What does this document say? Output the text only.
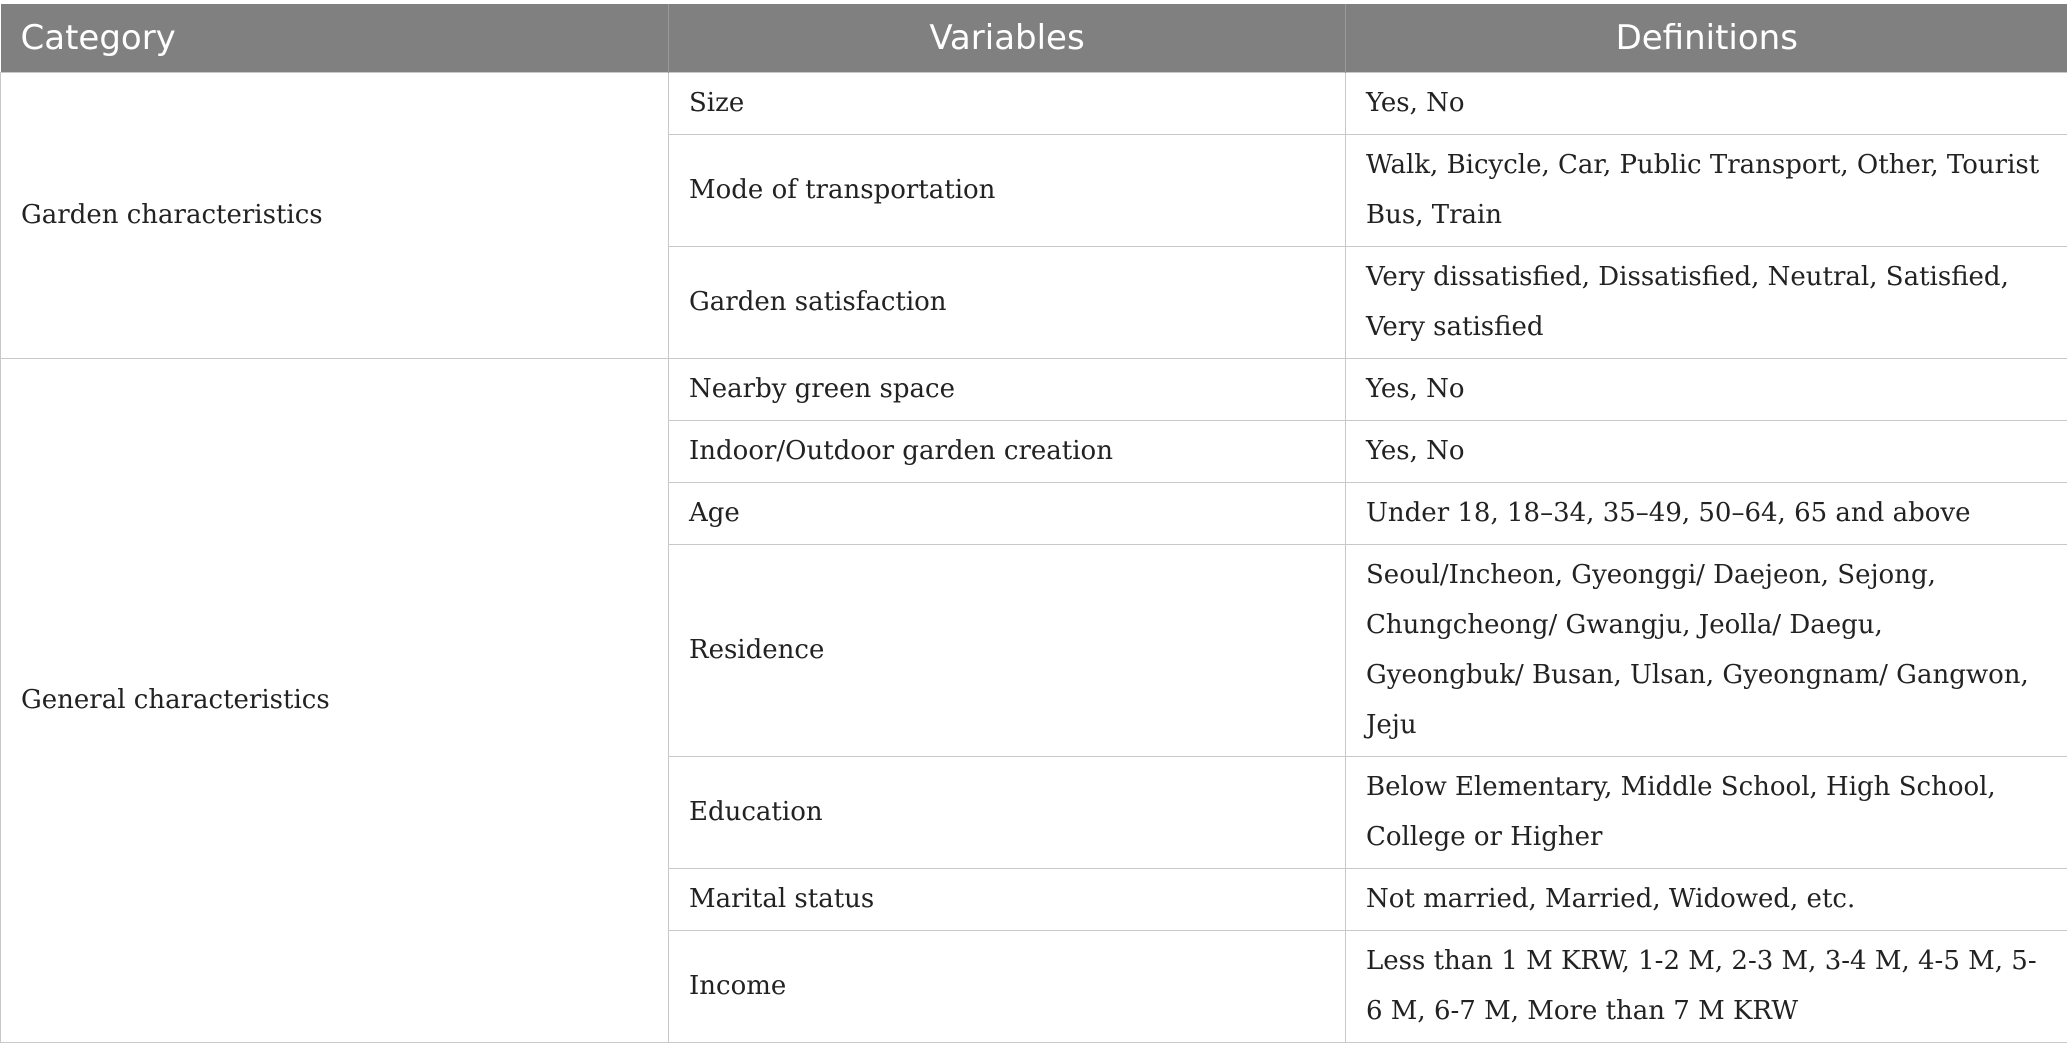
Category	Variables	Definitions
Garden characteristics	Size	Yes, No
	Mode of transportation	Walk, Bicycle, Car, Public Transport, Other, Tourist Bus, Train
	Garden satisfaction	Very dissatisfied, Dissatisfied, Neutral, Satisfied, Very satisfied
General characteristics	Nearby green space	Yes, No
	Indoor/Outdoor garden creation	Yes, No
	Age	Under 18, 18–34, 35–49, 50–64, 65 and above
	Residence	Seoul/Incheon, Gyeonggi/ Daejeon, Sejong, Chungcheong/ Gwangju, Jeolla/ Daegu, Gyeongbuk/ Busan, Ulsan, Gyeongnam/ Gangwon, Jeju
	Education	Below Elementary, Middle School, High School, College or Higher
	Marital status	Not married, Married, Widowed, etc.
	Income	Less than 1 M KRW, 1-2 M, 2-3 M, 3-4 M, 4-5 M, 5-6 M, 6-7 M, More than 7 M KRW
